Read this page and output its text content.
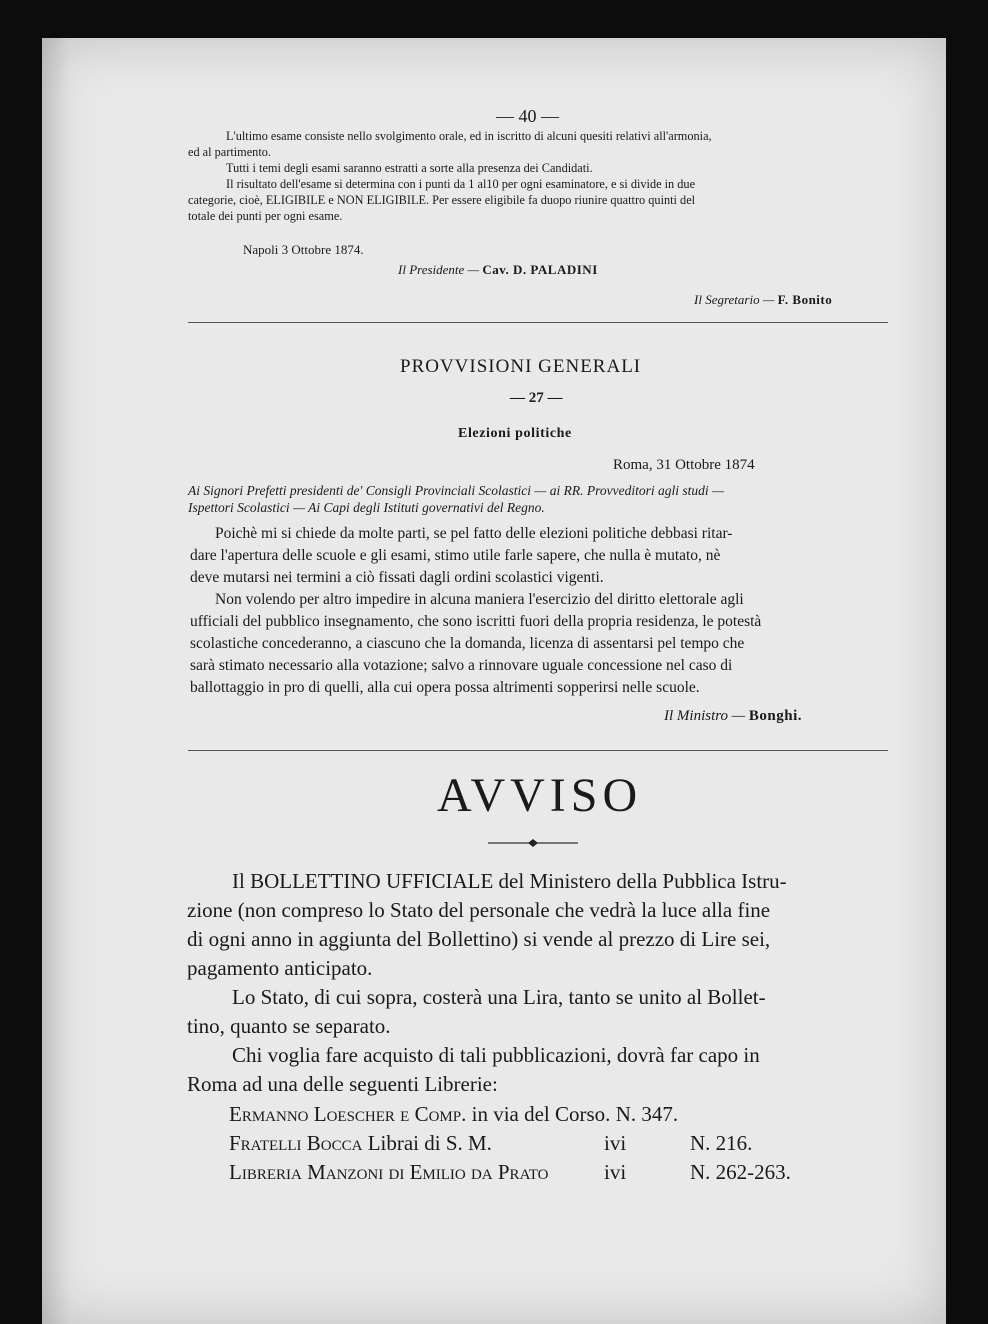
— 40 —
L'ultimo esame consiste nello svolgimento orale, ed in iscritto di alcuni quesiti relativi all'armonia,
ed al partimento.
Tutti i temi degli esami saranno estratti a sorte alla presenza dei Candidati.
Il risultato dell'esame si determina con i punti da 1 al10 per ogni esaminatore, e si divide in due
categorie, cioè, ELIGIBILE e NON ELIGIBILE. Per essere eligibile fa duopo riunire quattro quinti del
totale dei punti per ogni esame.
Napoli 3 Ottobre 1874.
Il Presidente — Cav. D. PALADINI
Il Segretario — F. Bonito
PROVVISIONI GENERALI
— 27 —
Elezioni politiche
Roma, 31 Ottobre 1874
Ai Signori Prefetti presidenti de' Consigli Provinciali Scolastici — ai RR. Provveditori agli studi —
Ispettori Scolastici — Ai Capi degli Istituti governativi del Regno.
Poichè mi si chiede da molte parti, se pel fatto delle elezioni politiche debbasi ritar-
dare l'apertura delle scuole e gli esami, stimo utile farle sapere, che nulla è mutato, nè
deve mutarsi nei termini a ciò fissati dagli ordini scolastici vigenti.
Non volendo per altro impedire in alcuna maniera l'esercizio del diritto elettorale agli
ufficiali del pubblico insegnamento, che sono iscritti fuori della propria residenza, le potestà
scolastiche concederanno, a ciascuno che la domanda, licenza di assentarsi pel tempo che
sarà stimato necessario alla votazione; salvo a rinnovare uguale concessione nel caso di
ballottaggio in pro di quelli, alla cui opera possa altrimenti sopperirsi nelle scuole.
Il Ministro — Bonghi.
AVVISO
Il BOLLETTINO UFFICIALE del Ministero della Pubblica Istru-
zione (non compreso lo Stato del personale che vedrà la luce alla fine
di ogni anno in aggiunta del Bollettino) si vende al prezzo di Lire sei,
pagamento anticipato.
Lo Stato, di cui sopra, costerà una Lira, tanto se unito al Bollet-
tino, quanto se separato.
Chi voglia fare acquisto di tali pubblicazioni, dovrà far capo in
Roma ad una delle seguenti Librerie:
Ermanno Loescher e Comp. in via del Corso. N. 347.
Fratelli Bocca Librai di S. M.	ivi	N. 216.
Libreria Manzoni di Emilio da Prato	ivi	N. 262-263.
